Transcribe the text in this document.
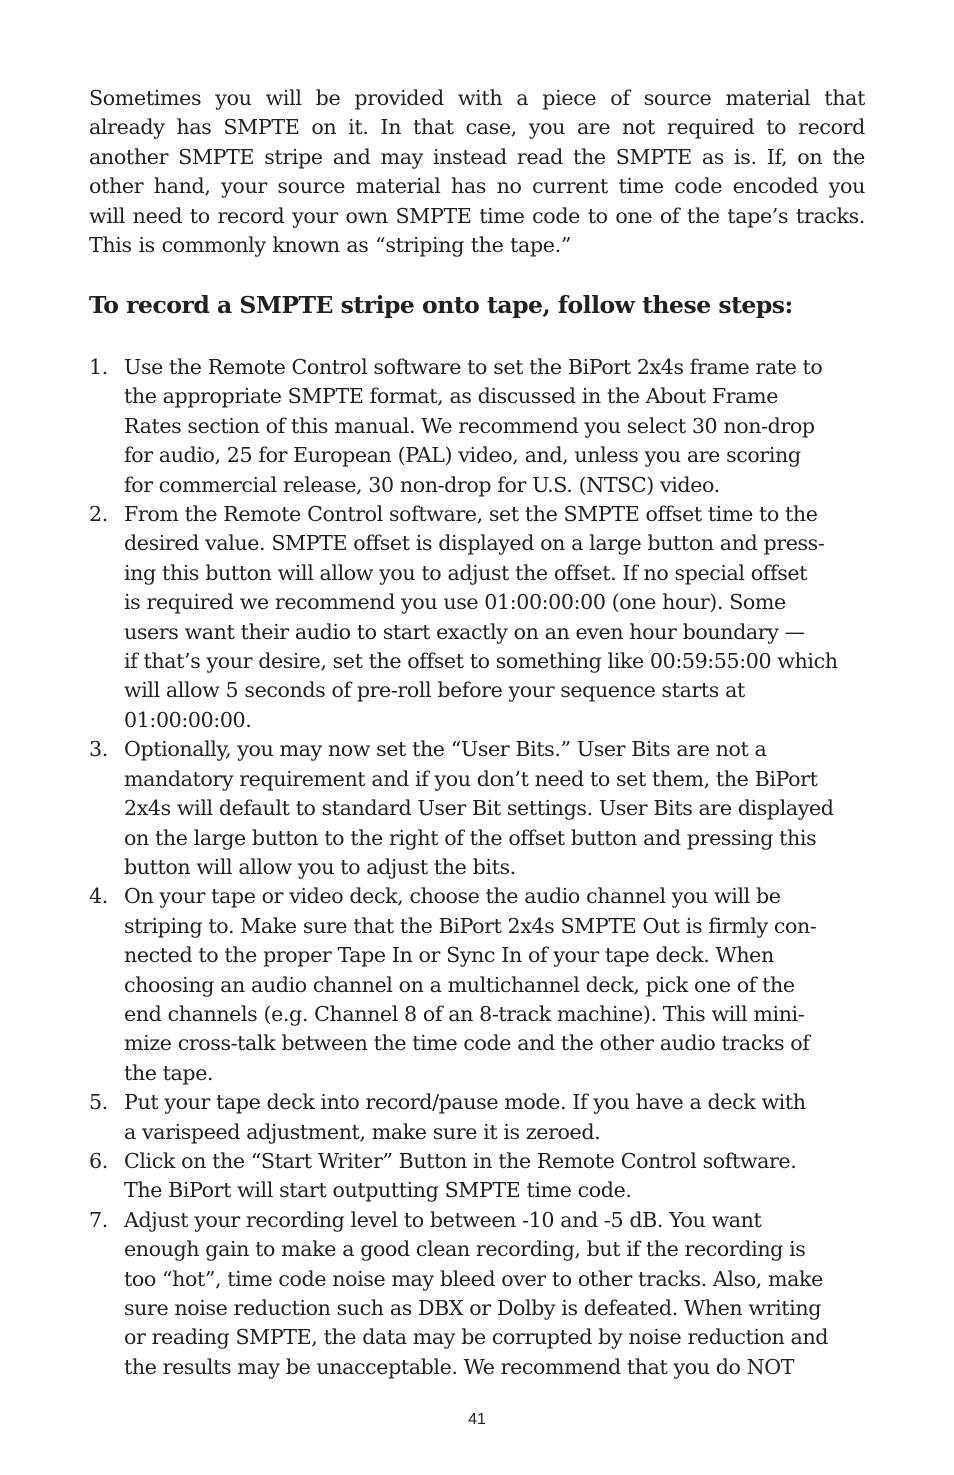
Sometimes you will be provided with a piece of source material that already has SMPTE on it. In that case, you are not required to record another SMPTE stripe and may instead read the SMPTE as is. If, on the other hand, your source material has no current time code encoded you will need to record your own SMPTE time code to one of the tape’s tracks. This is commonly known as “striping the tape.”

To record a SMPTE stripe onto tape, follow these steps:
1. Use the Remote Control software to set the BiPort 2x4s frame rate to
the appropriate SMPTE format, as discussed in the About Frame
Rates section of this manual. We recommend you select 30 non-drop
for audio, 25 for European (PAL) video, and, unless you are scoring
for commercial release, 30 non-drop for U.S. (NTSC) video.
2. From the Remote Control software, set the SMPTE offset time to the
desired value. SMPTE offset is displayed on a large button and press-
ing this button will allow you to adjust the offset. If no special offset
is required we recommend you use 01:00:00:00 (one hour). Some
users want their audio to start exactly on an even hour boundary —
if that’s your desire, set the offset to something like 00:59:55:00 which
will allow 5 seconds of pre-roll before your sequence starts at
01:00:00:00.
3. Optionally, you may now set the “User Bits.” User Bits are not a
mandatory requirement and if you don’t need to set them, the BiPort
2x4s will default to standard User Bit settings. User Bits are displayed
on the large button to the right of the offset button and pressing this
button will allow you to adjust the bits.
4. On your tape or video deck, choose the audio channel you will be
striping to. Make sure that the BiPort 2x4s SMPTE Out is firmly con-
nected to the proper Tape In or Sync In of your tape deck. When
choosing an audio channel on a multichannel deck, pick one of the
end channels (e.g. Channel 8 of an 8-track machine). This will mini-
mize cross-talk between the time code and the other audio tracks of
the tape.
5. Put your tape deck into record/pause mode. If you have a deck with
a varispeed adjustment, make sure it is zeroed.
6. Click on the “Start Writer” Button in the Remote Control software.
The BiPort will start outputting SMPTE time code.
7. Adjust your recording level to between -10 and -5 dB. You want
enough gain to make a good clean recording, but if the recording is
too “hot”, time code noise may bleed over to other tracks. Also, make
sure noise reduction such as DBX or Dolby is defeated. When writing
or reading SMPTE, the data may be corrupted by noise reduction and
the results may be unacceptable. We recommend that you do NOT
41
